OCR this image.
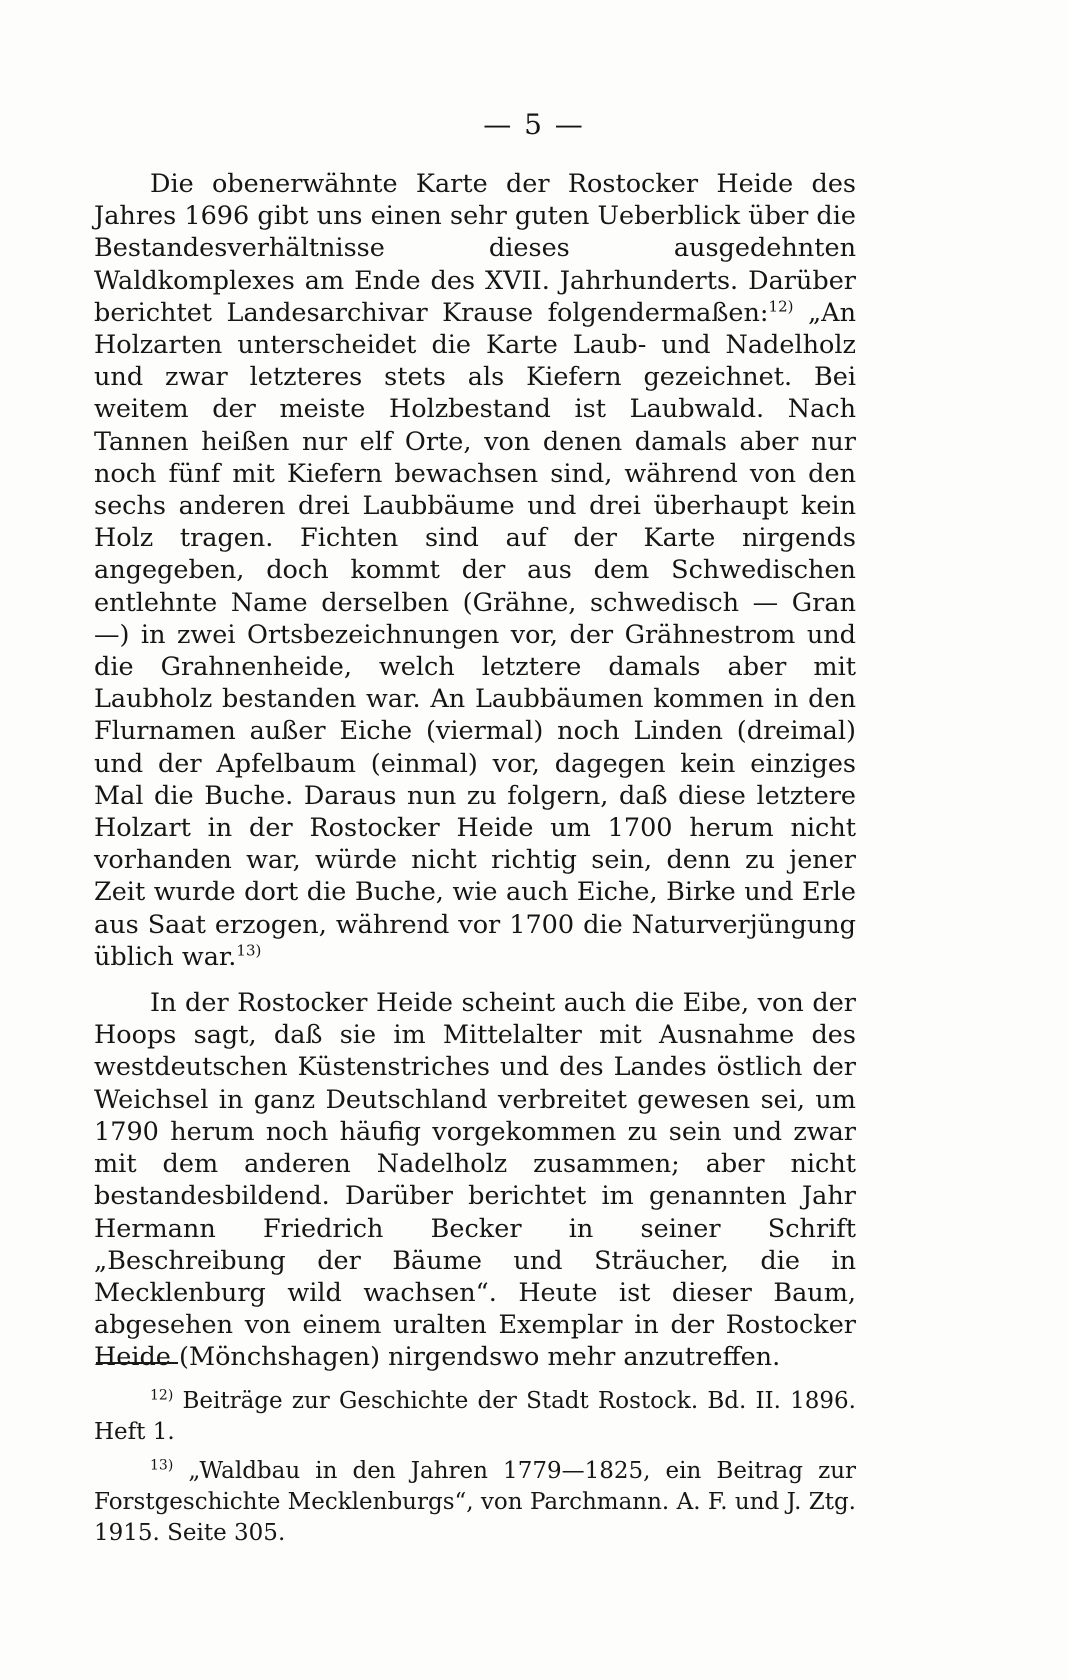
— 5 —

Die obenerwähnte Karte der Rostocker Heide des Jahres 1696 gibt uns einen sehr guten Ueberblick über die Bestandesverhältnisse dieses ausgedehnten Waldkomplexes am Ende des XVII. Jahrhunderts. Darüber berichtet Landesarchivar Krause folgendermaßen:$^{12)}$ „An Holzarten unterscheidet die Karte Laub- und Nadelholz und zwar letzteres stets als Kiefern gezeichnet. Bei weitem der meiste Holzbestand ist Laubwald. Nach Tannen heißen nur elf Orte, von denen damals aber nur noch fünf mit Kiefern bewachsen sind, während von den sechs anderen drei Laubbäume und drei überhaupt kein Holz tragen. Fichten sind auf der Karte nirgends angegeben, doch kommt der aus dem Schwedischen entlehnte Name derselben (Grähne, schwedisch — Gran —) in zwei Ortsbezeichnungen vor, der Grähnestrom und die Grahnenheide, welch letztere damals aber mit Laubholz bestanden war. An Laubbäumen kommen in den Flurnamen außer Eiche (viermal) noch Linden (dreimal) und der Apfelbaum (einmal) vor, dagegen kein einziges Mal die Buche. Daraus nun zu folgern, daß diese letztere Holzart in der Rostocker Heide um 1700 herum nicht vorhanden war, würde nicht richtig sein, denn zu jener Zeit wurde dort die Buche, wie auch Eiche, Birke und Erle aus Saat erzogen, während vor 1700 die Naturverjüngung üblich war.$^{13)}$

In der Rostocker Heide scheint auch die Eibe, von der Hoops sagt, daß sie im Mittelalter mit Ausnahme des westdeutschen Küstenstriches und des Landes östlich der Weichsel in ganz Deutschland verbreitet gewesen sei, um 1790 herum noch häufig vorgekommen zu sein und zwar mit dem anderen Nadelholz zusammen; aber nicht bestandesbildend. Darüber berichtet im genannten Jahr Hermann Friedrich Becker in seiner Schrift „Beschreibung der Bäume und Sträucher, die in Mecklenburg wild wachsen“. Heute ist dieser Baum, abgesehen von einem uralten Exemplar in der Rostocker Heide (Mönchshagen) nirgendswo mehr anzutreffen.

$^{12)}$ Beiträge zur Geschichte der Stadt Rostock. Bd. II. 1896. Heft 1.

$^{13)}$ „Waldbau in den Jahren 1779—1825, ein Beitrag zur Forstgeschichte Mecklenburgs“, von Parchmann. A. F. und J. Ztg. 1915. Seite 305.
